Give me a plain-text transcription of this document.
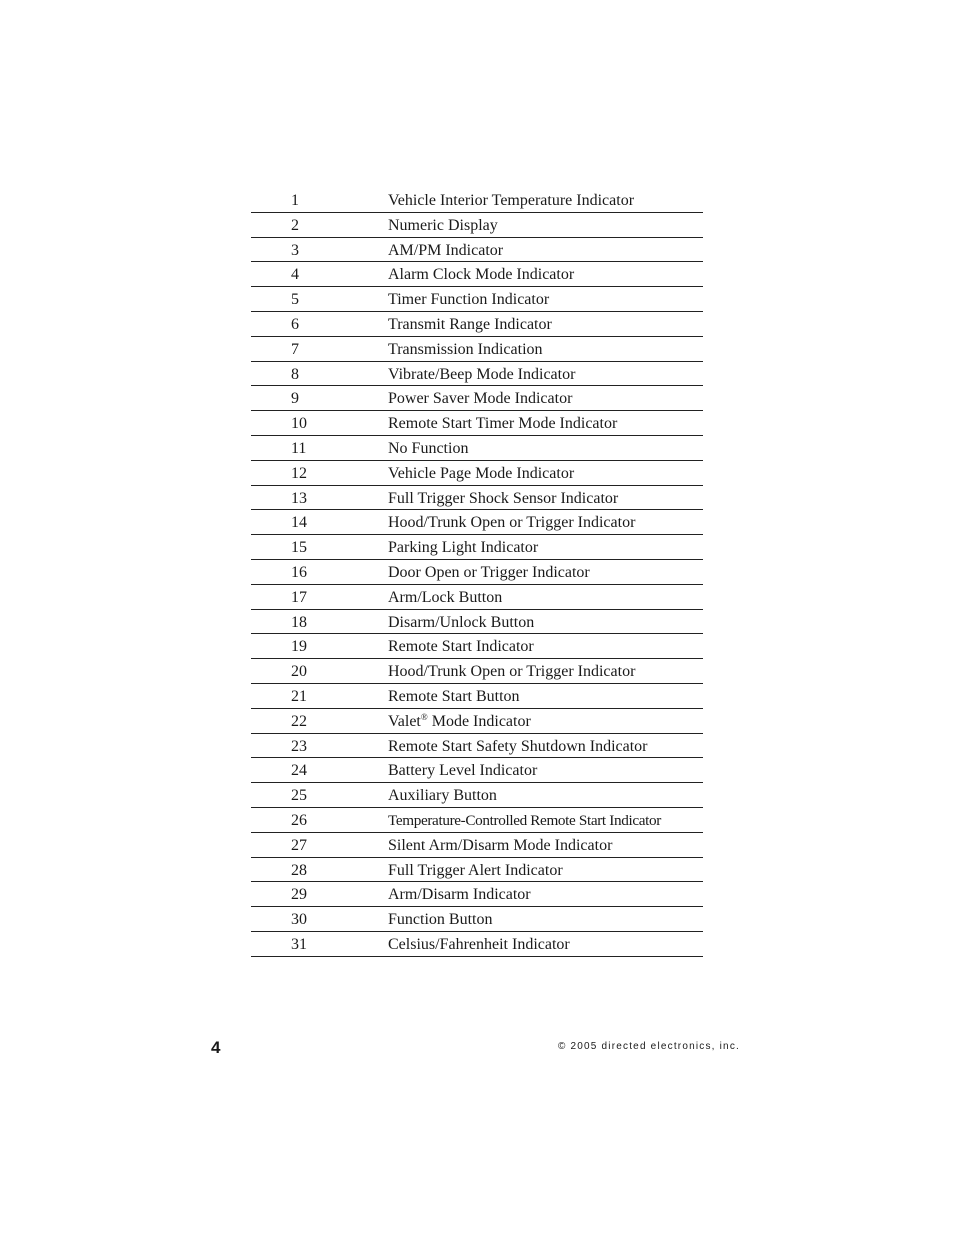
1	Vehicle Interior Temperature Indicator
2	Numeric Display
3	AM/PM Indicator
4	Alarm Clock Mode Indicator
5	Timer Function Indicator
6	Transmit Range Indicator
7	Transmission Indication
8	Vibrate/Beep Mode Indicator
9	Power Saver Mode Indicator
10	Remote Start Timer Mode Indicator
11	No Function
12	Vehicle Page Mode Indicator
13	Full Trigger Shock Sensor Indicator
14	Hood/Trunk Open or Trigger Indicator
15	Parking Light Indicator
16	Door Open or Trigger Indicator
17	Arm/Lock Button
18	Disarm/Unlock Button
19	Remote Start Indicator
20	Hood/Trunk Open or Trigger Indicator
21	Remote Start Button
22	Valet® Mode Indicator
23	Remote Start Safety Shutdown Indicator
24	Battery Level Indicator
25	Auxiliary Button
26	Temperature-Controlled Remote Start Indicator
27	Silent Arm/Disarm Mode Indicator
28	Full Trigger Alert Indicator
29	Arm/Disarm Indicator
30	Function Button
31	Celsius/Fahrenheit Indicator
4	© 2005 directed electronics, inc.
